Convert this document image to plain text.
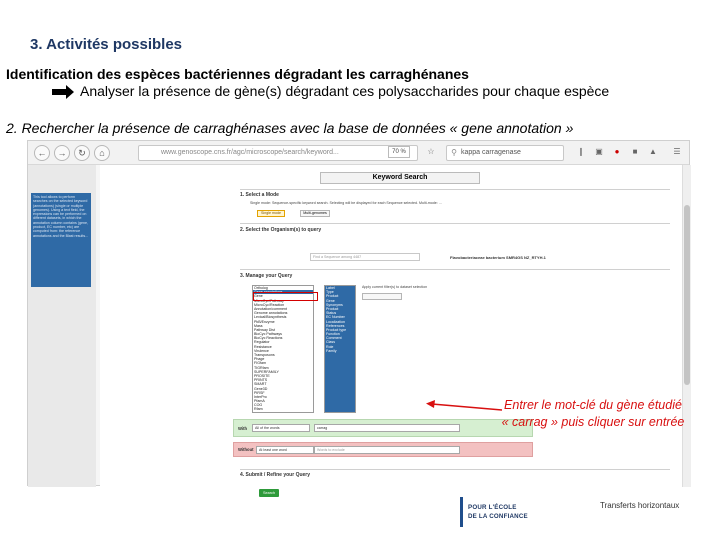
3. Activités possibles
Identification des espèces bactériennes dégradant les carraghénanes
Analyser la présence de gène(s) dégradant ces polysaccharides pour chaque espèce
2. Rechercher la présence de carraghénases avec la base de données « gene annotation »
←	→	↻	⌂	www.genoscope.cns.fr/agc/microscope/search/keyword...	70 %	☆	kappa carragenase
⚲	❙ ▣	●	■	▲ ☰
This tool allows to perform searches on the selected keyword (annotations) (single or multiple genomes). Using a text field, the expressions can be performed on different datasets, in which the annotation column contains (gene, product, EC number, etc) are computed from: the reference annotations and the Blast results...
Keyword Search
1. Select a Mode
Single mode: Sequence-specific keyword search. Selecting will be displayed for each Sequence selected. Multi-mode: ...
Single mode	Multi-genomes
2. Select the Organism(s) to query
Find a Sequence among 4487	Flavobacteriaceae bacterium SMR4GS NZ_RTYH.1
3. Manage your Query
Ortholog
Gene annotations
Gene
MicroCyc/Pathway
MicroCyc/Reaction
Annotation/comment
Genome annotations
Lexical/Biosynthesis
PkB/Enzyme
Mass
Pathway Dist
BioCyc Pathways
BioCyc Reactions
Regulator
Resistance
Virulence
Transposons
Phage
FIGfam
TIGRfam
SUPERFAMILY
PROSITE
PRINTS
SMART
Gene3D
PIRSF
InterPro
PfamA
COG
Rfam
Label
Type
Product
Gene
Synonyms
Product
Status
EC Number
Localization
References
Product type
Function
Comment
Class
Role
Family
Apply current filter(s) to dataset selection
With	All of the words	carrag
Without	At least one word	Words to exclude
4. Submit / Refine your Query
Search
Entrer le mot-clé du gène étudié
« carrag » puis cliquer sur entrée
POUR L'ÉCOLE
DE LA CONFIANCE
Transferts horizontaux
